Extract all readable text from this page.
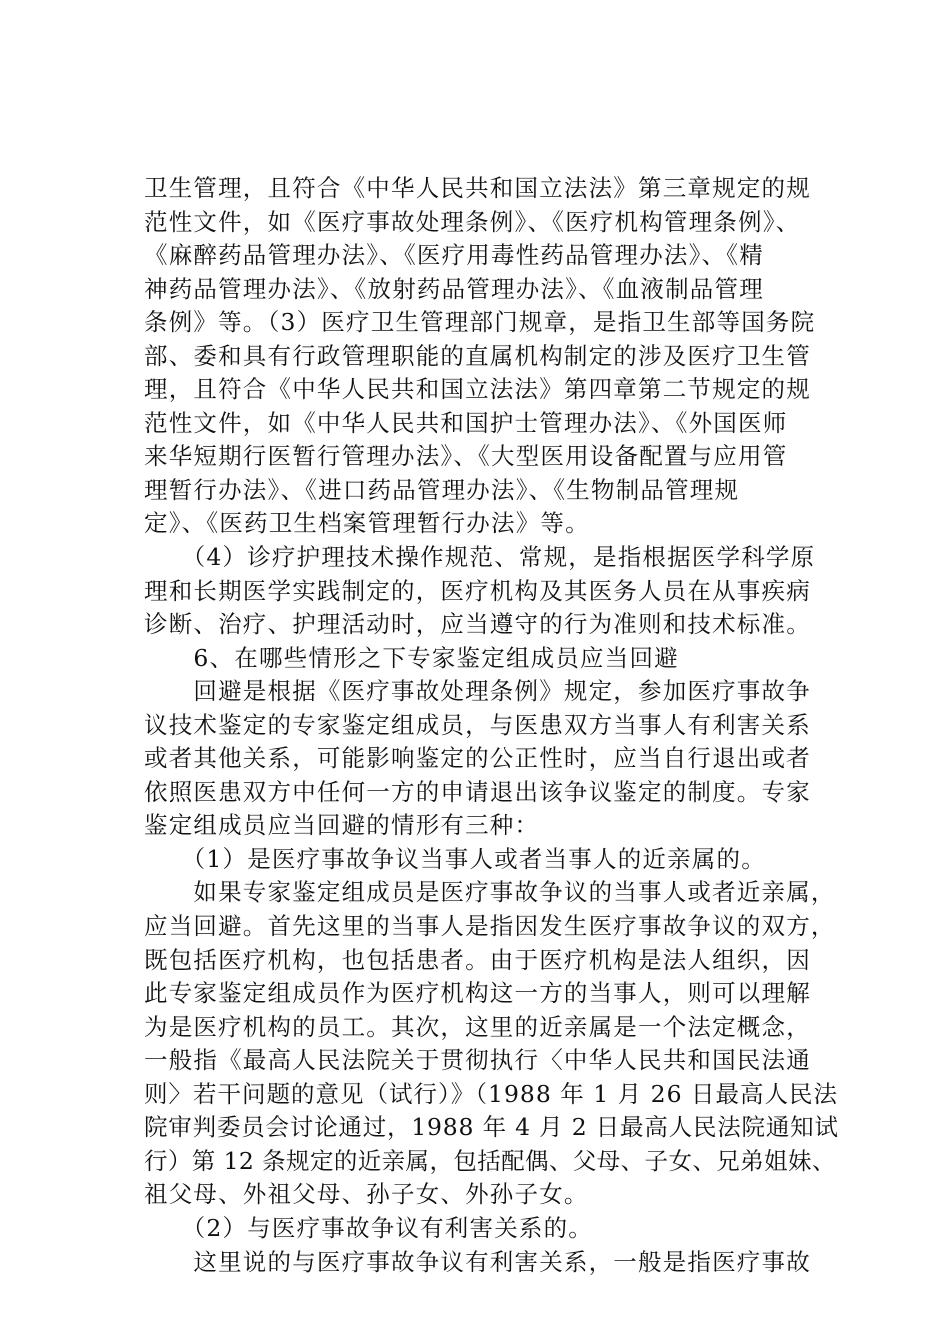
卫生管理，且符合《中华人民共和国立法法》第三章规定的规
范性文件，如《医疗事故处理条例》、《医疗机构管理条例》、
《麻醉药品管理办法》、《医疗用毒性药品管理办法》、《精
神药品管理办法》、《放射药品管理办法》、《血液制品管理
条例》等。（3）医疗卫生管理部门规章，是指卫生部等国务院
部、委和具有行政管理职能的直属机构制定的涉及医疗卫生管
理，且符合《中华人民共和国立法法》第四章第二节规定的规
范性文件，如《中华人民共和国护士管理办法》、《外国医师
来华短期行医暂行管理办法》、《大型医用设备配置与应用管
理暂行办法》、《进口药品管理办法》、《生物制品管理规
定》、《医药卫生档案管理暂行办法》等。
　　（4）诊疗护理技术操作规范、常规，是指根据医学科学原
理和长期医学实践制定的，医疗机构及其医务人员在从事疾病
诊断、治疗、护理活动时，应当遵守的行为准则和技术标准。
　　6、在哪些情形之下专家鉴定组成员应当回避
　　回避是根据《医疗事故处理条例》规定，参加医疗事故争
议技术鉴定的专家鉴定组成员，与医患双方当事人有利害关系
或者其他关系，可能影响鉴定的公正性时，应当自行退出或者
依照医患双方中任何一方的申请退出该争议鉴定的制度。专家
鉴定组成员应当回避的情形有三种：
　　（1）是医疗事故争议当事人或者当事人的近亲属的。
　　如果专家鉴定组成员是医疗事故争议的当事人或者近亲属，
应当回避。首先这里的当事人是指因发生医疗事故争议的双方，
既包括医疗机构，也包括患者。由于医疗机构是法人组织，因
此专家鉴定组成员作为医疗机构这一方的当事人，则可以理解
为是医疗机构的员工。其次，这里的近亲属是一个法定概念，
一般指《最高人民法院关于贯彻执行〈中华人民共和国民法通
则〉若干问题的意见（试行）》（1988 年 1 月 26 日最高人民法
院审判委员会讨论通过，1988 年 4 月 2 日最高人民法院通知试
行）第 12 条规定的近亲属，包括配偶、父母、子女、兄弟姐妹、
祖父母、外祖父母、孙子女、外孙子女。
　　（2）与医疗事故争议有利害关系的。
　　这里说的与医疗事故争议有利害关系，一般是指医疗事故
